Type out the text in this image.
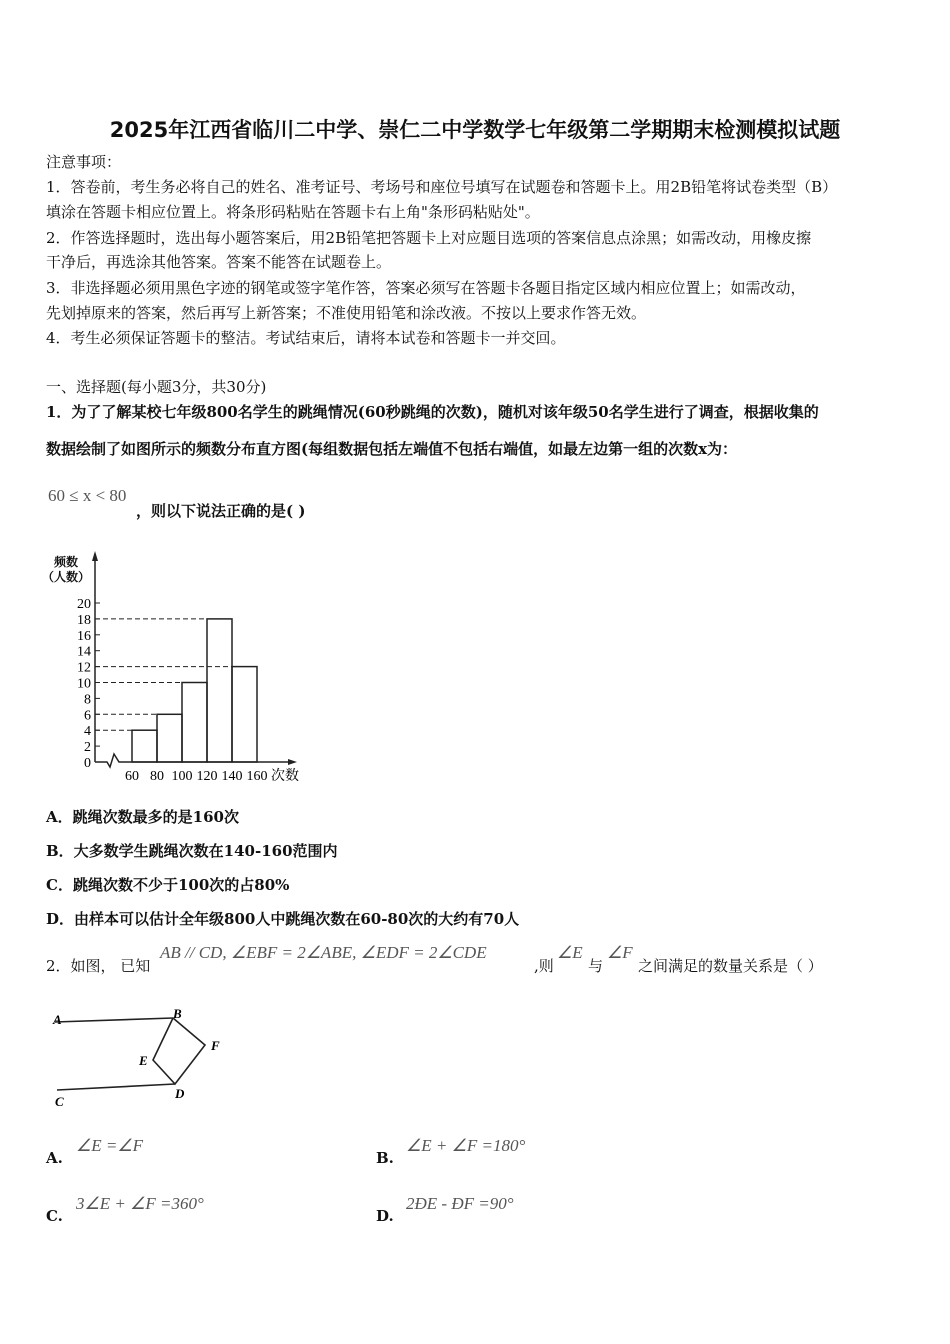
2025年江西省临川二中学、崇仁二中学数学七年级第二学期期末检测模拟试题
注意事项：
1．答卷前，考生务必将自己的姓名、准考证号、考场号和座位号填写在试题卷和答题卡上。用2B铅笔将试卷类型（B）
填涂在答题卡相应位置上。将条形码粘贴在答题卡右上角"条形码粘贴处"。
2．作答选择题时，选出每小题答案后，用2B铅笔把答题卡上对应题目选项的答案信息点涂黑；如需改动，用橡皮擦
干净后，再选涂其他答案。答案不能答在试题卷上。
3．非选择题必须用黑色字迹的钢笔或签字笔作答，答案必须写在答题卡各题目指定区域内相应位置上；如需改动，
先划掉原来的答案，然后再写上新答案；不准使用铅笔和涂改液。不按以上要求作答无效。
4．考生必须保证答题卡的整洁。考试结束后，请将本试卷和答题卡一并交回。
一、选择题(每小题3分，共30分)
1．为了了解某校七年级800名学生的跳绳情况(60秒跳绳的次数)，随机对该年级50名学生进行了调查，根据收集的
数据绘制了如图所示的频数分布直方图(每组数据包括左端值不包括右端值，如最左边第一组的次数x为：
60 ≤ x < 80
，则以下说法正确的是( )
0
2
4
6
8
10
12
14
16
18
20
60 80 100 120 140 160 次数
频数（人数）
A．跳绳次数最多的是160次
B．大多数学生跳绳次数在140-160范围内
C．跳绳次数不少于100次的占80%
D．由样本可以估计全年级800人中跳绳次数在60-80次的大约有70人
2．如图， 已知
AB // CD, ∠EBF = 2∠ABE, ∠EDF = 2∠CDE
,则
∠E
与
∠F
之间满足的数量关系是（ ）
A	B
C
D
E
F
A.
∠E =∠F
B.
∠E + ∠F =180°
C.
3∠E + ∠F =360°
D.
2ÐE - ÐF =90°
